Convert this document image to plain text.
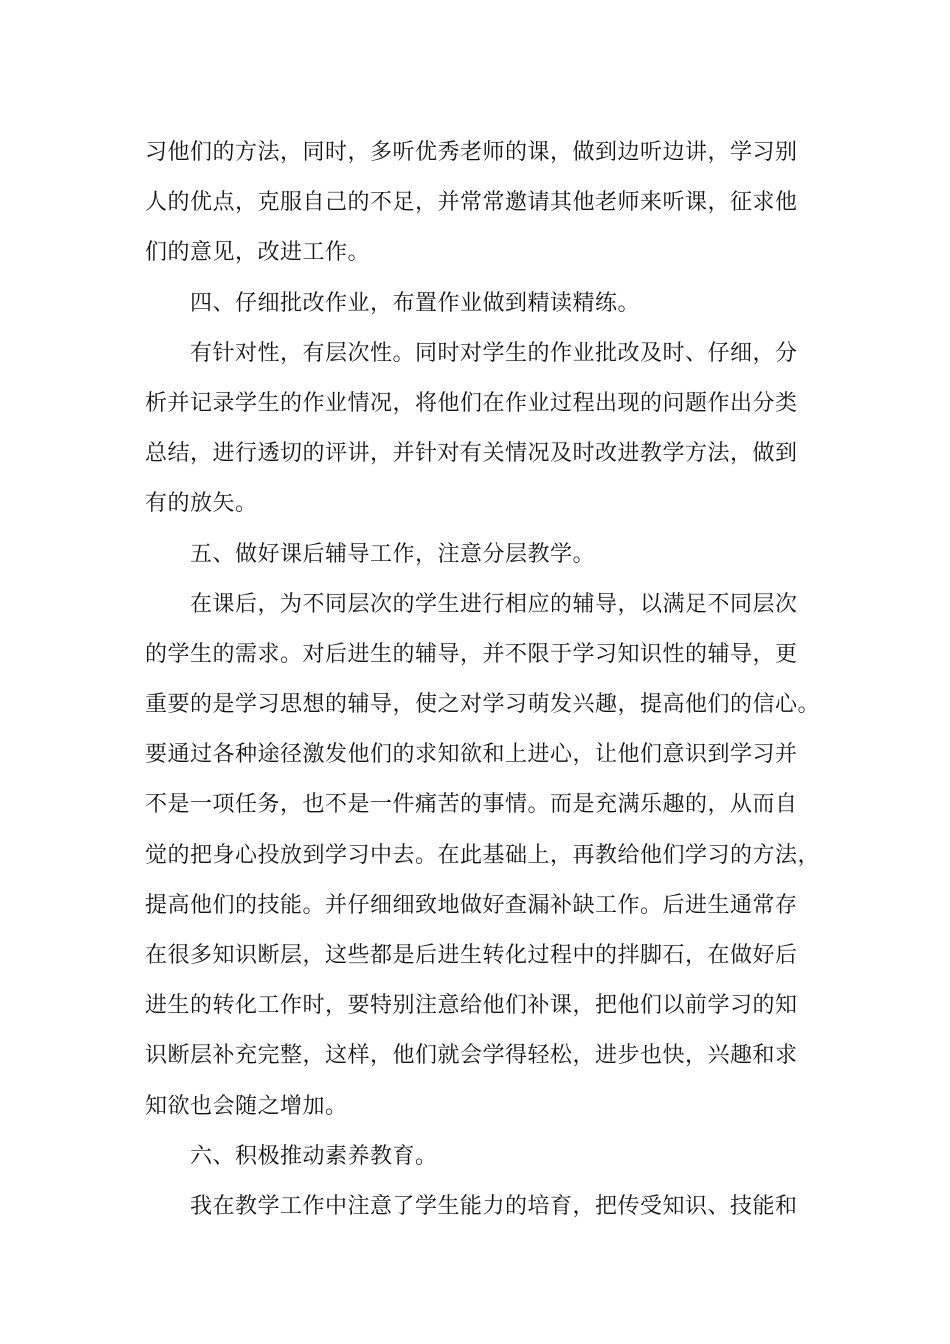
习他们的方法，同时，多听优秀老师的课，做到边听边讲，学习别
人的优点，克服自己的不足，并常常邀请其他老师来听课，征求他
们的意见，改进工作。
四、仔细批改作业，布置作业做到精读精练。
有针对性，有层次性。同时对学生的作业批改及时、仔细，分
析并记录学生的作业情况，将他们在作业过程出现的问题作出分类
总结，进行透切的评讲，并针对有关情况及时改进教学方法，做到
有的放矢。
五、做好课后辅导工作，注意分层教学。
在课后，为不同层次的学生进行相应的辅导，以满足不同层次
的学生的需求。对后进生的辅导，并不限于学习知识性的辅导，更
重要的是学习思想的辅导，使之对学习萌发兴趣，提高他们的信心。
要通过各种途径激发他们的求知欲和上进心，让他们意识到学习并
不是一项任务，也不是一件痛苦的事情。而是充满乐趣的，从而自
觉的把身心投放到学习中去。在此基础上，再教给他们学习的方法，
提高他们的技能。并仔细细致地做好查漏补缺工作。后进生通常存
在很多知识断层，这些都是后进生转化过程中的拌脚石，在做好后
进生的转化工作时，要特别注意给他们补课，把他们以前学习的知
识断层补充完整，这样，他们就会学得轻松，进步也快，兴趣和求
知欲也会随之增加。
六、积极推动素养教育。
我在教学工作中注意了学生能力的培育，把传受知识、技能和
